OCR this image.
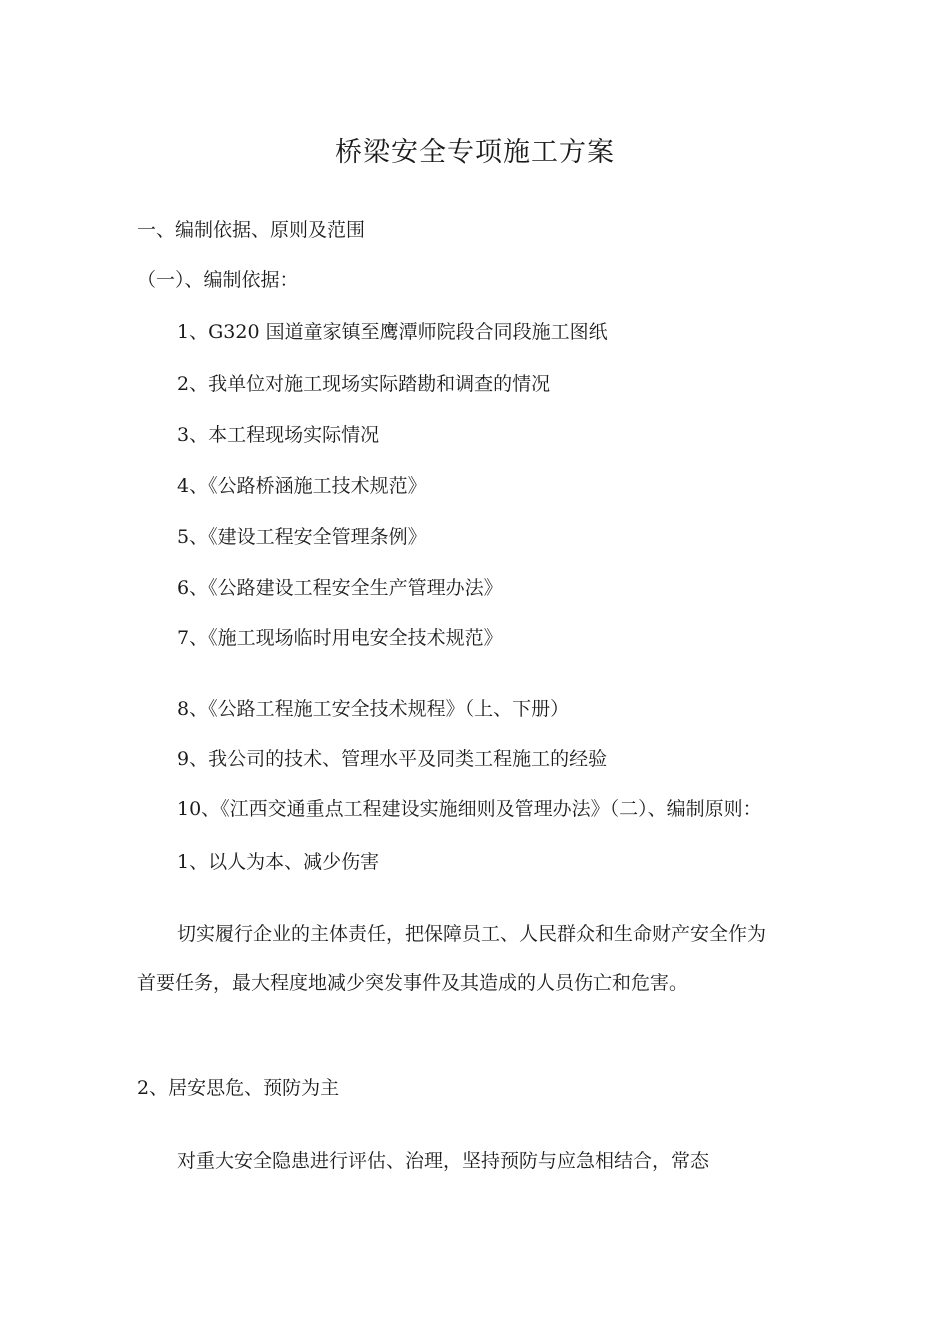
桥梁安全专项施工方案
一、编制依据、原则及范围
（一）、编制依据：
1、G320 国道童家镇至鹰潭师院段合同段施工图纸
2、我单位对施工现场实际踏勘和调查的情况
3、本工程现场实际情况
4、《公路桥涵施工技术规范》
5、《建设工程安全管理条例》
6、《公路建设工程安全生产管理办法》
7、《施工现场临时用电安全技术规范》
8、《公路工程施工安全技术规程》（上、下册）
9、我公司的技术、管理水平及同类工程施工的经验
10、《江西交通重点工程建设实施细则及管理办法》（二）、编制原则：
1、以人为本、减少伤害
切实履行企业的主体责任，把保障员工、人民群众和生命财产安全作为
首要任务，最大程度地减少突发事件及其造成的人员伤亡和危害。
2、居安思危、预防为主
对重大安全隐患进行评估、治理，坚持预防与应急相结合，常态
